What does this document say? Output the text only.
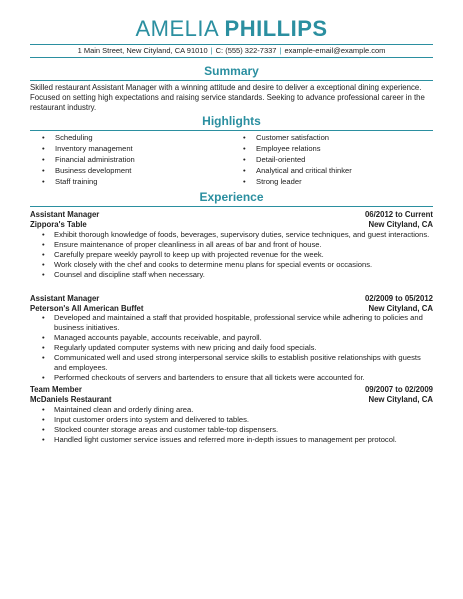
AMELIA PHILLIPS
1 Main Street, New Cityland, CA 91010 | C: (555) 322-7337 | example-email@example.com
Summary
Skilled restaurant Assistant Manager with a winning attitude and desire to deliver a exceptional dining experience. Focused on setting high expectations and raising service standards. Seeking to advance professional career in the restaurant industry.
Highlights
• Scheduling
• Inventory management
• Financial administration
• Business development
• Staff training
• Customer satisfaction
• Employee relations
• Detail-oriented
• Analytical and critical thinker
• Strong leader
Experience
Assistant Manager	06/2012 to Current
Zippora's Table	New Cityland, CA
• Exhibit thorough knowledge of foods, beverages, supervisory duties, service techniques, and guest interactions.
• Ensure maintenance of proper cleanliness in all areas of bar and front of house.
• Carefully prepare weekly payroll to keep up with projected revenue for the week.
• Work closely with the chef and cooks to determine menu plans for special events or occasions.
• Counsel and discipline staff when necessary.
Assistant Manager	02/2009 to 05/2012
Peterson's All American Buffet	New Cityland, CA
• Developed and maintained a staff that provided hospitable, professional service while adhering to policies and business initiatives.
• Managed accounts payable, accounts receivable, and payroll.
• Regularly updated computer systems with new pricing and daily food specials.
• Communicated well and used strong interpersonal service skills to establish positive relationships with guests and employees.
• Performed checkouts of servers and bartenders to ensure that all tickets were accounted for.
Team Member	09/2007 to 02/2009
McDaniels Restaurant	New Cityland, CA
• Maintained clean and orderly dining area.
• Input customer orders into system and delivered to tables.
• Stocked counter storage areas and customer table-top dispensers.
• Handled light customer service issues and referred more in-depth issues to management per protocol.
